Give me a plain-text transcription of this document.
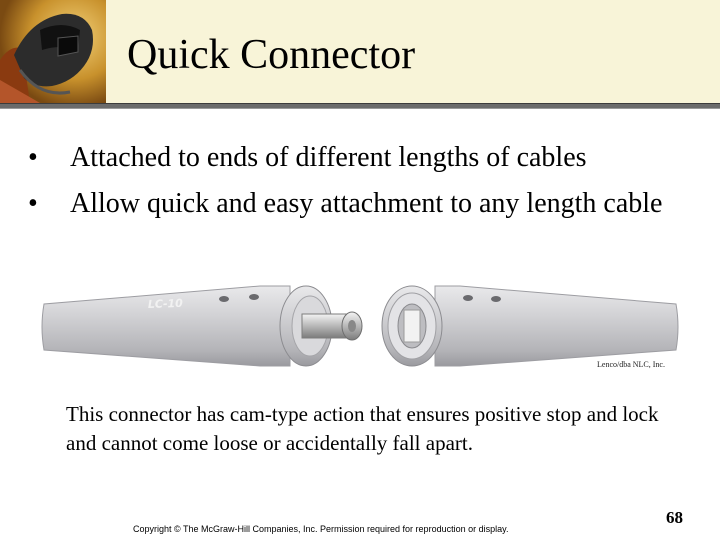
Quick Connector
• Attached to ends of different lengths of cables
• Allow quick and easy attachment to any length cable
LC-10
Lenco/dba NLC, Inc.

This connector has cam-type action that ensures positive stop and lock and cannot come loose or accidentally fall apart.

Copyright © The McGraw-Hill Companies, Inc. Permission required for reproduction or display.
68
